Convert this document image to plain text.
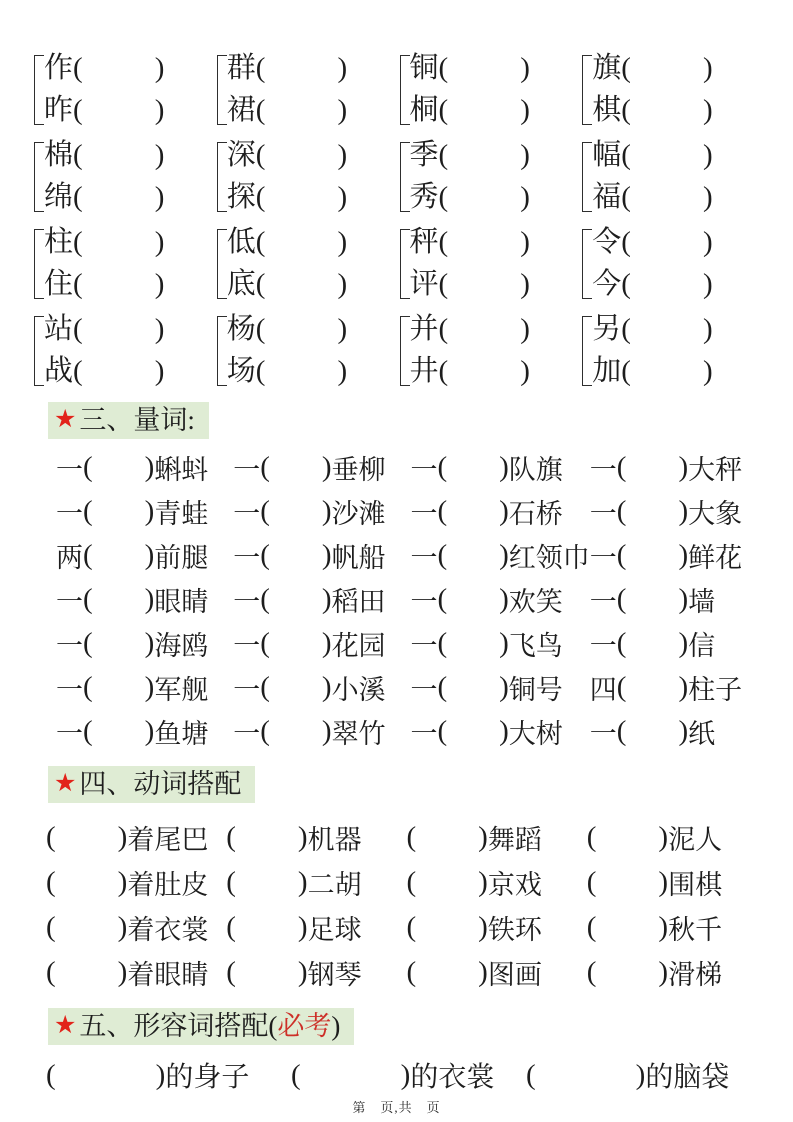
作 ( )
昨 ( )
群 ( )
裙 ( )
铜 ( )
桐 ( )
旗 ( )
棋 ( )
棉 ( )
绵 ( )
深 ( )
探 ( )
季 ( )
秀 ( )
幅 ( )
福 ( )
柱 ( )
住 ( )
低 ( )
底 ( )
秤 ( )
评 ( )
令 ( )
今 ( )
站 ( )
战 ( )
杨 ( )
场 ( )
并 ( )
井 ( )
另 ( )
加 ( )
★ 三、量词:
一 ( ) 蝌蚪 一 ( ) 垂柳 一 ( ) 队旗 一 ( ) 大秤
一 ( ) 青蛙 一 ( ) 沙滩 一 ( ) 石桥 一 ( ) 大象
两 ( ) 前腿 一 ( ) 帆船 一 ( ) 红领巾 一 ( ) 鲜花
一 ( ) 眼睛 一 ( ) 稻田 一 ( ) 欢笑 一 ( ) 墙
一 ( ) 海鸥 一 ( ) 花园 一 ( ) 飞鸟 一 ( ) 信
一 ( ) 军舰 一 ( ) 小溪 一 ( ) 铜号 四 ( ) 柱子
一 ( ) 鱼塘 一 ( ) 翠竹 一 ( ) 大树 一 ( ) 纸
★ 四、动词搭配
( ) 着尾巴 ( ) 机器 ( ) 舞蹈 ( ) 泥人
( ) 着肚皮 ( ) 二胡 ( ) 京戏 ( ) 围棋
( ) 着衣裳 ( ) 足球 ( ) 铁环 ( ) 秋千
( ) 着眼睛 ( ) 钢琴 ( ) 图画 ( ) 滑梯
★ 五、形容词搭配( 必考 )
(	) 的身子 (	) 的衣裳 (	) 的脑袋
第　页,共　页
